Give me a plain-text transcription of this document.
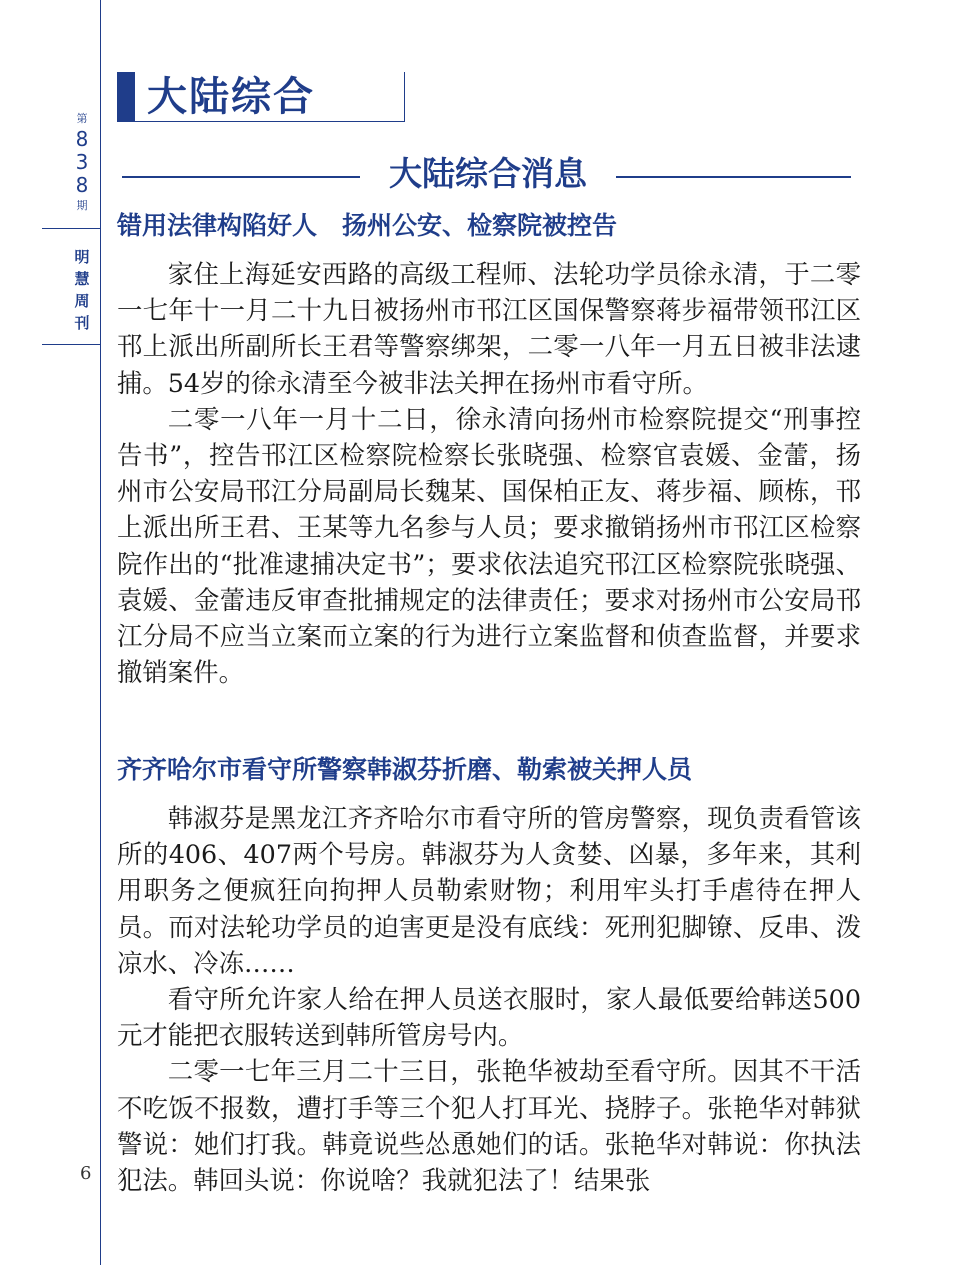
第
8
3
8
期
明
慧
周
刊
6
大陆综合
大陆综合消息
错用法律构陷好人　扬州公安、检察院被控告

家住上海延安西路的高级工程师、法轮功学员徐永清，于二零一七年十一月二十九日被扬州市邗江区国保警察蒋步福带领邗江区邗上派出所副所长王君等警察绑架，二零一八年一月五日被非法逮捕。54岁的徐永清至今被非法关押在扬州市看守所。

二零一八年一月十二日，徐永清向扬州市检察院提交“刑事控告书”，控告邗江区检察院检察长张晓强、检察官袁媛、金蕾，扬州市公安局邗江分局副局长魏某、国保柏正友、蒋步福、顾栋，邗上派出所王君、王某等九名参与人员；要求撤销扬州市邗江区检察院作出的“批准逮捕决定书”；要求依法追究邗江区检察院张晓强、袁媛、金蕾违反审查批捕规定的法律责任；要求对扬州市公安局邗江分局不应当立案而立案的行为进行立案监督和侦查监督，并要求撤销案件。

齐齐哈尔市看守所警察韩淑芬折磨、勒索被关押人员

韩淑芬是黑龙江齐齐哈尔市看守所的管房警察，现负责看管该所的406、407两个号房。韩淑芬为人贪婪、凶暴，多年来，其利用职务之便疯狂向拘押人员勒索财物；利用牢头打手虐待在押人员。而对法轮功学员的迫害更是没有底线：死刑犯脚镣、反串、泼凉水、冷冻……

看守所允许家人给在押人员送衣服时，家人最低要给韩送500元才能把衣服转送到韩所管房号内。

二零一七年三月二十三日，张艳华被劫至看守所。因其不干活不吃饭不报数，遭打手等三个犯人打耳光、挠脖子。张艳华对韩狱警说：她们打我。韩竟说些怂恿她们的话。张艳华对韩说：你执法犯法。韩回头说：你说啥？我就犯法了！结果张
